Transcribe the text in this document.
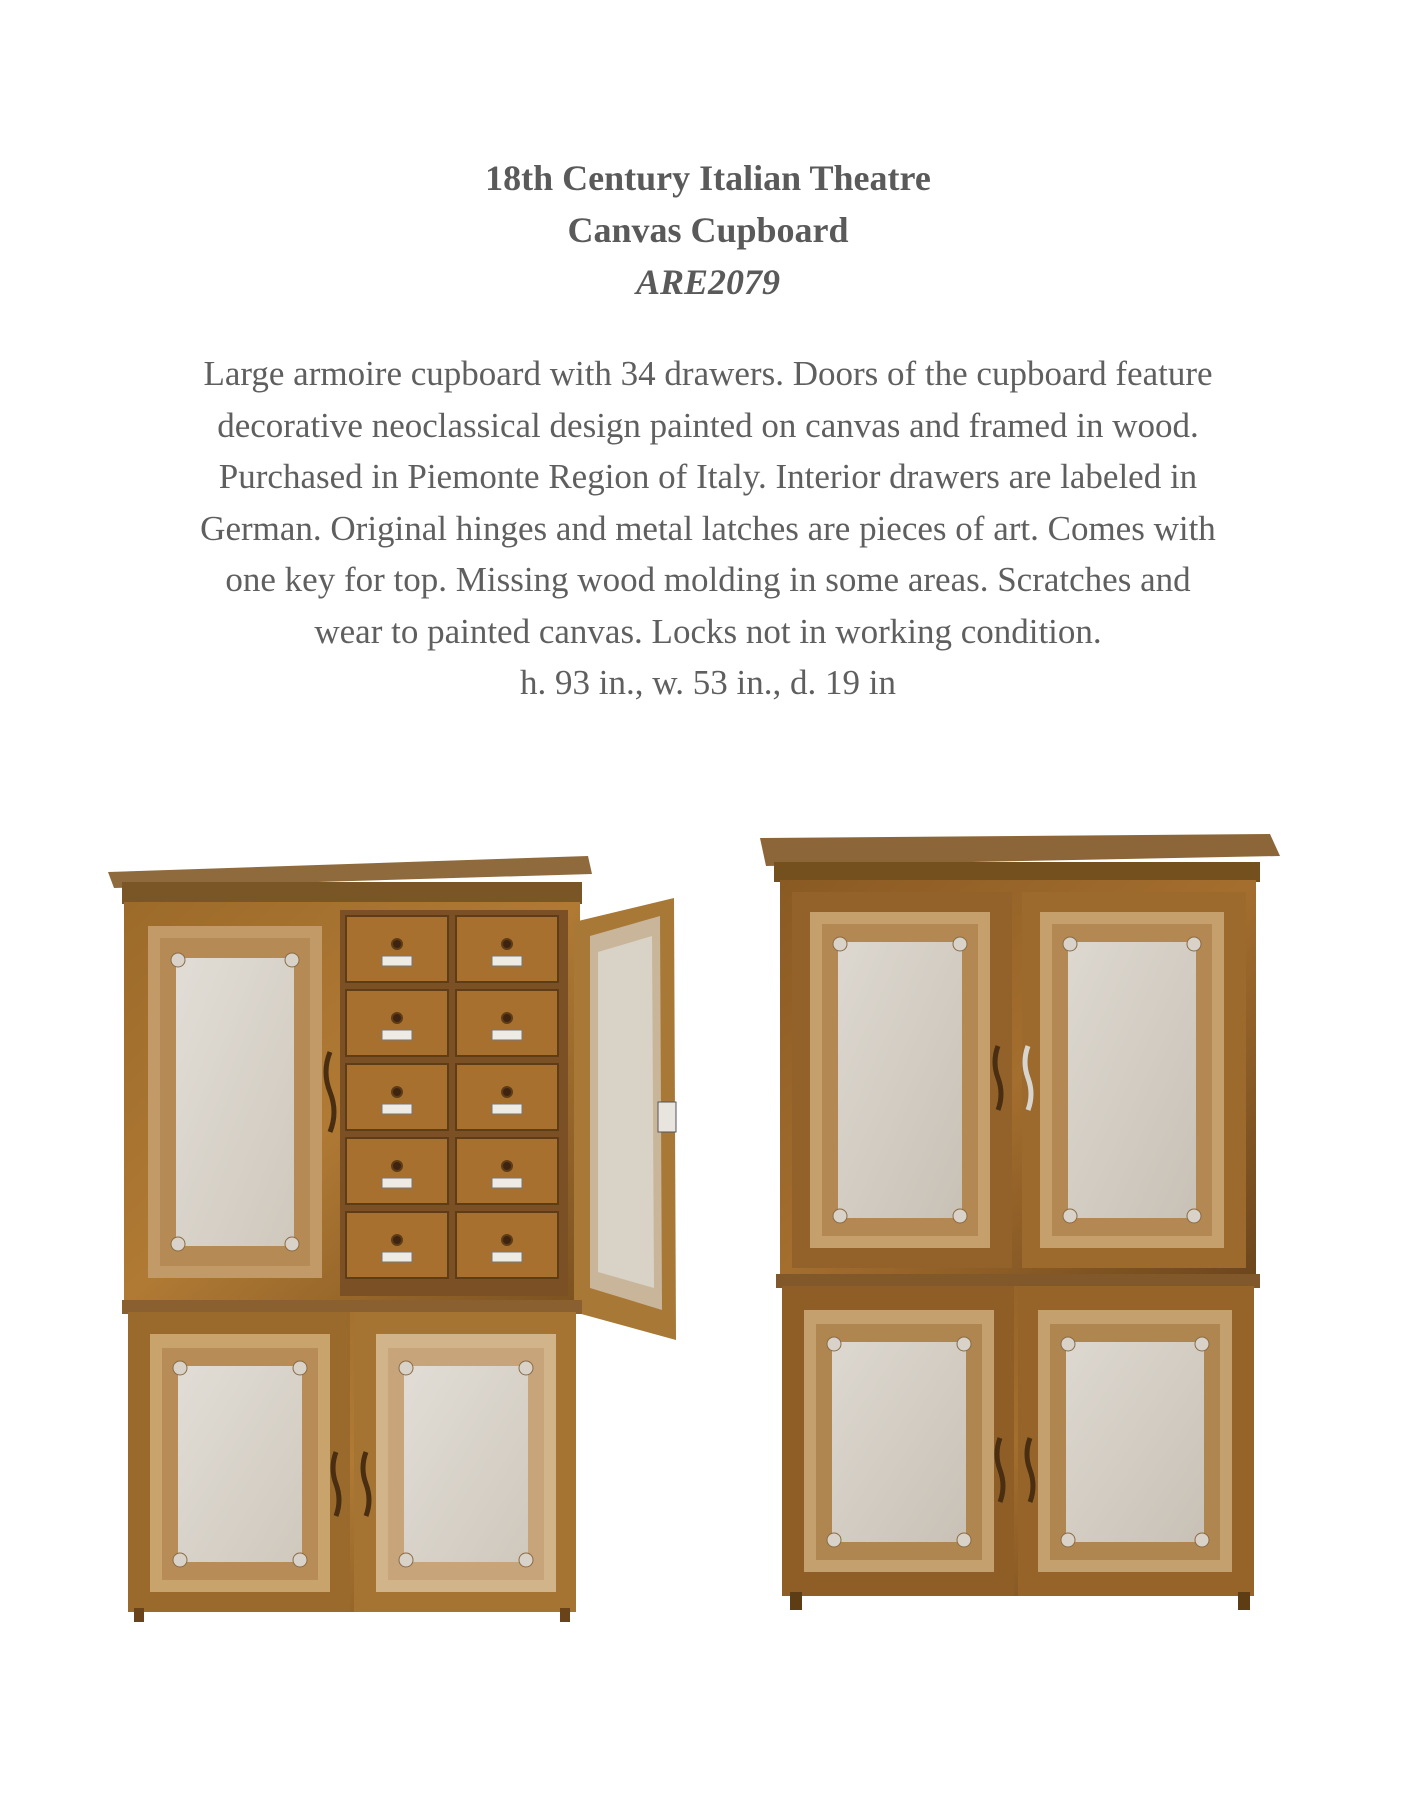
18th Century Italian Theatre
Canvas Cupboard
ARE2079
Large armoire cupboard with 34 drawers. Doors of the cupboard feature
decorative neoclassical design painted on canvas and framed in wood.
Purchased in Piemonte Region of Italy. Interior drawers are labeled in
German. Original hinges and metal latches are pieces of art. Comes with
one key for top. Missing wood molding in some areas. Scratches and
wear to painted canvas. Locks not in working condition.
h. 93 in., w. 53 in., d. 19 in
